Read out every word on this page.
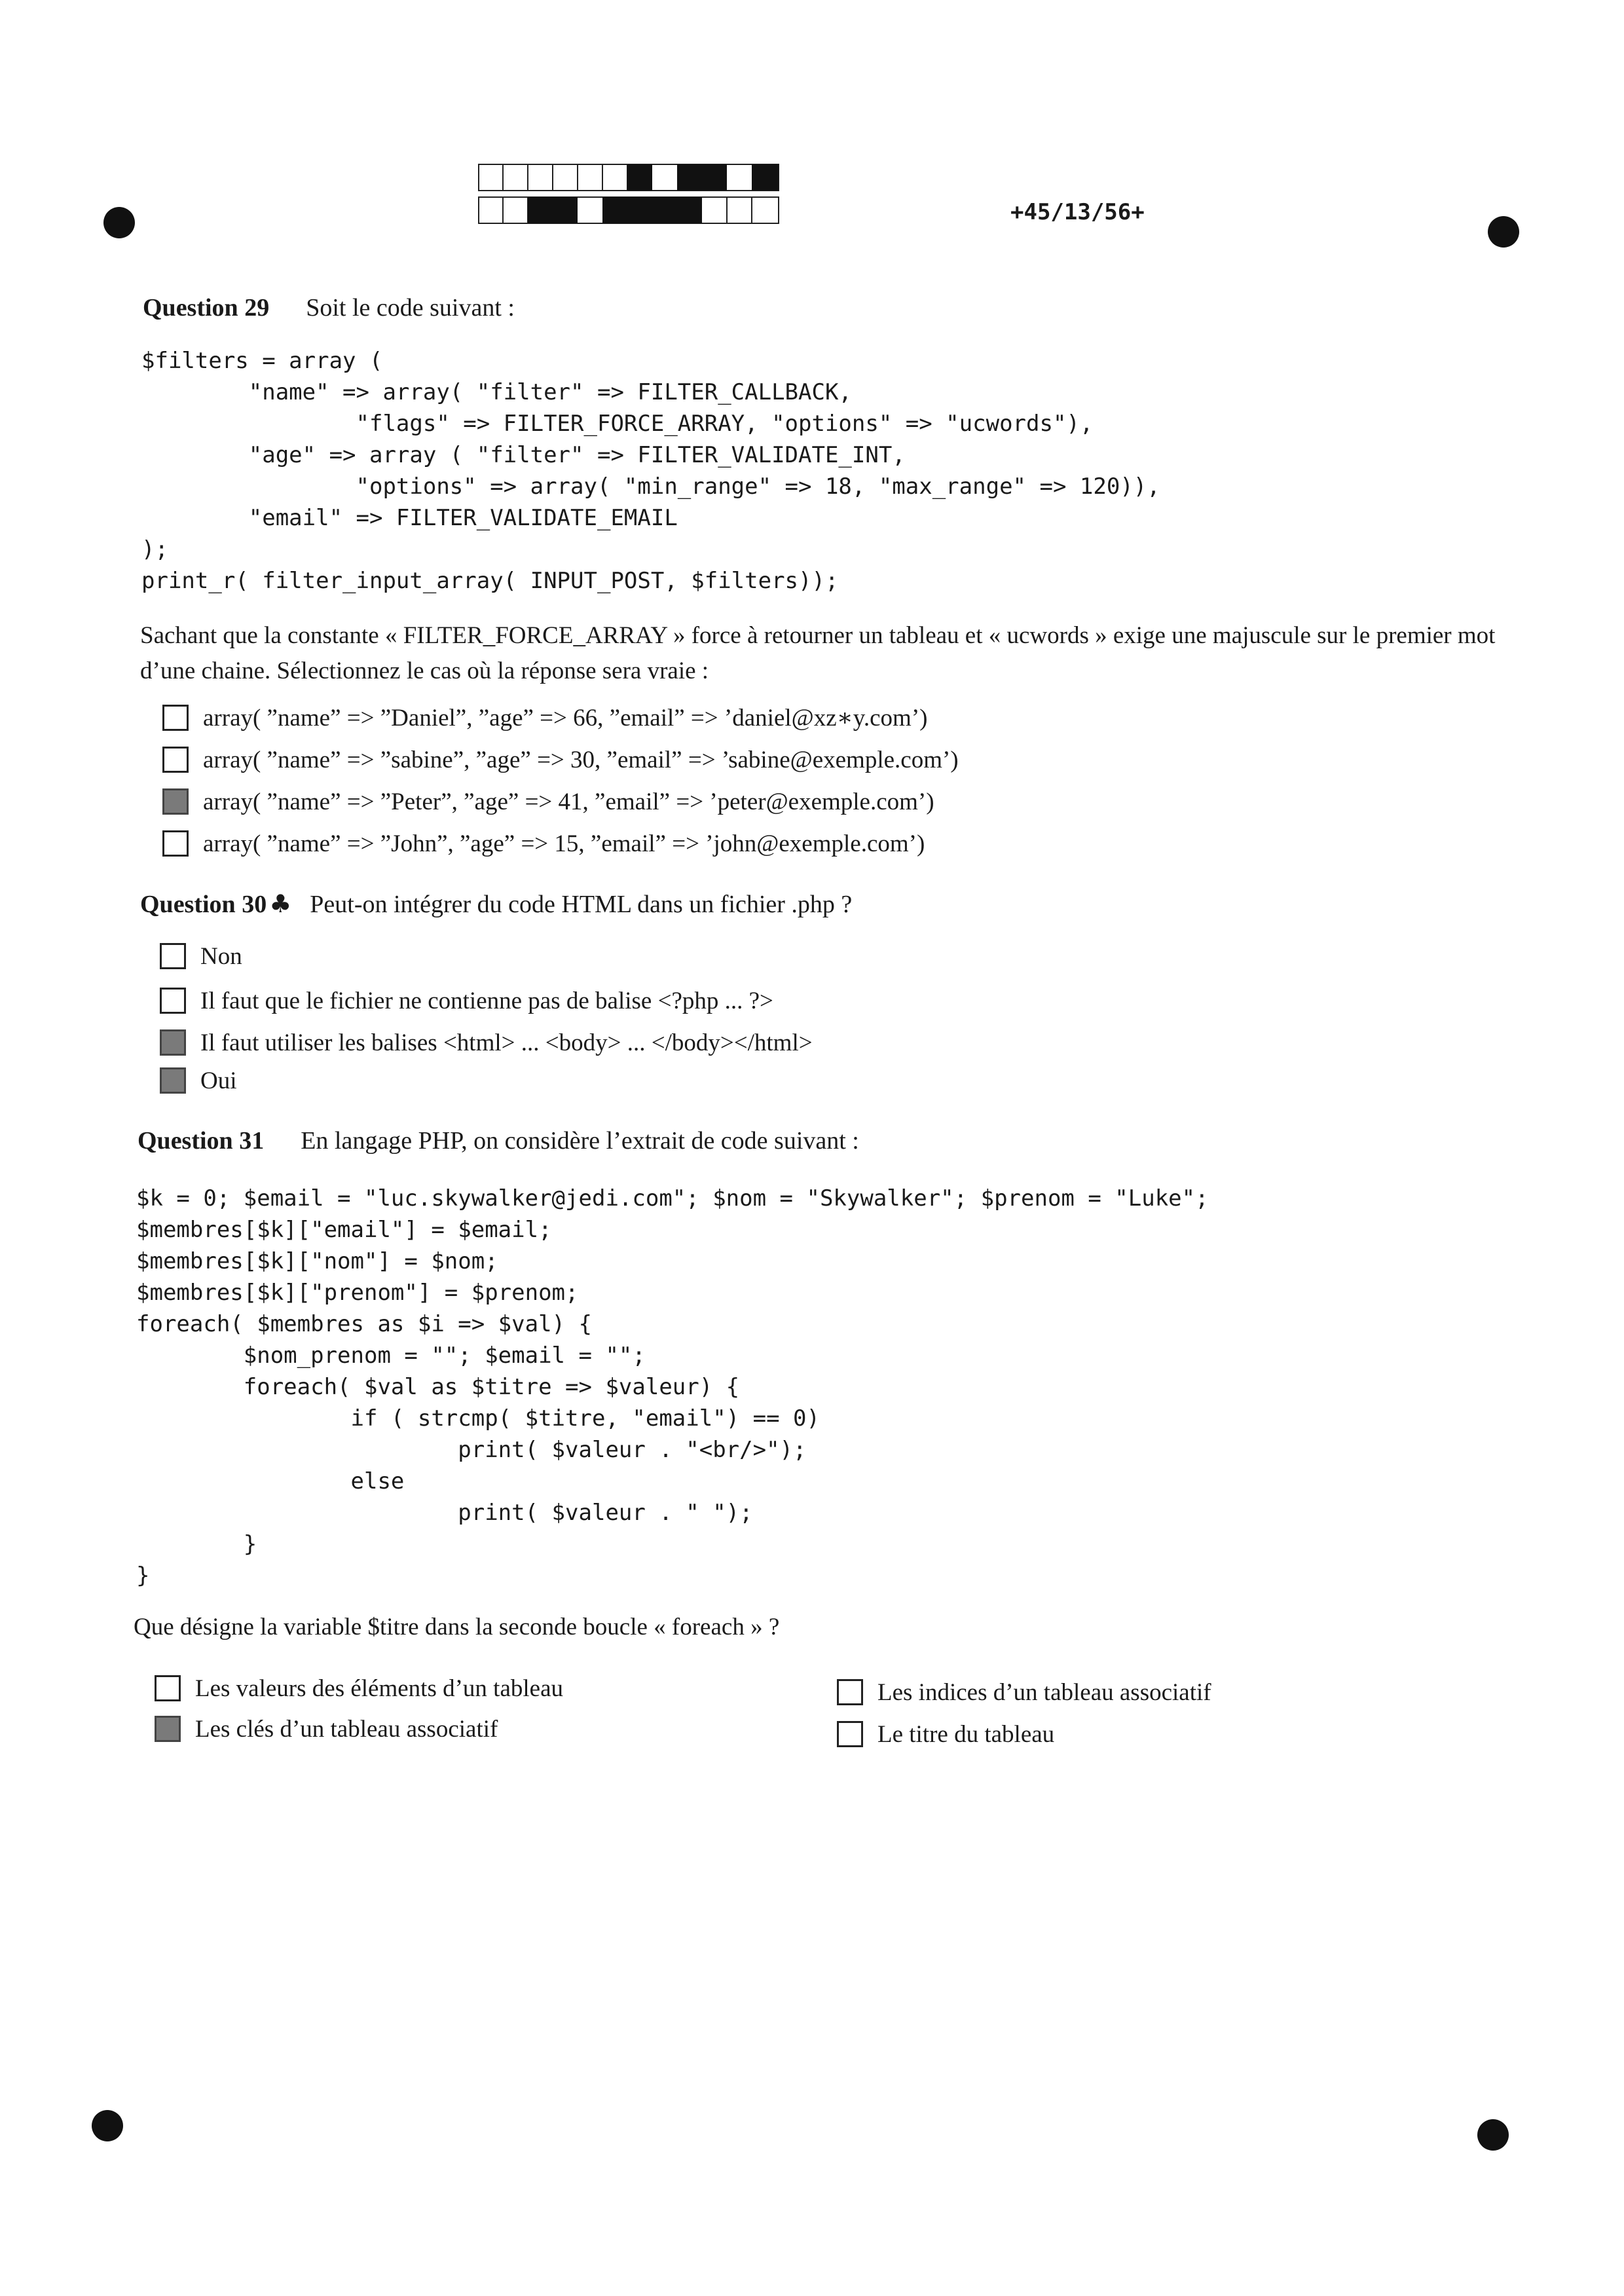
+45/13/56+
Question 29 Soit le code suivant :
$filters = array (
"name" => array( "filter" => FILTER_CALLBACK,
"flags" => FILTER_FORCE_ARRAY, "options" => "ucwords"),
"age" => array ( "filter" => FILTER_VALIDATE_INT,
"options" => array( "min_range" => 18, "max_range" => 120)),
"email" => FILTER_VALIDATE_EMAIL
);
print_r( filter_input_array( INPUT_POST, $filters));
Sachant que la constante « FILTER_FORCE_ARRAY » force à retourner un tableau et « ucwords » exige une majuscule sur le premier mot d’une chaine. Sélectionnez le cas où la réponse sera vraie :
array( ”name” => ”Daniel”, ”age” => 66, ”email” => ’daniel@xz∗y.com’)
array( ”name” => ”sabine”, ”age” => 30, ”email” => ’sabine@exemple.com’)
array( ”name” => ”Peter”, ”age” => 41, ”email” => ’peter@exemple.com’)
array( ”name” => ”John”, ”age” => 15, ”email” => ’john@exemple.com’)
Question 30 ♣ Peut-on intégrer du code HTML dans un fichier .php ?
Non
Il faut que le fichier ne contienne pas de balise <?php ... ?>
Il faut utiliser les balises <html> ... <body> ... </body></html>
Oui
Question 31 En langage PHP, on considère l’extrait de code suivant :
$k = 0; $email = "luc.skywalker@jedi.com"; $nom = "Skywalker"; $prenom = "Luke";
$membres[$k]["email"] = $email;
$membres[$k]["nom"] = $nom;
$membres[$k]["prenom"] = $prenom;
foreach( $membres as $i => $val) {
$nom_prenom = ""; $email = "";
foreach( $val as $titre => $valeur) {
if ( strcmp( $titre, "email") == 0)
print( $valeur . "<br/>");
else
print( $valeur . " ");
}
}
Que désigne la variable $titre dans la seconde boucle « foreach » ?
Les valeurs des éléments d’un tableau
Les clés d’un tableau associatif
Les indices d’un tableau associatif
Le titre du tableau
